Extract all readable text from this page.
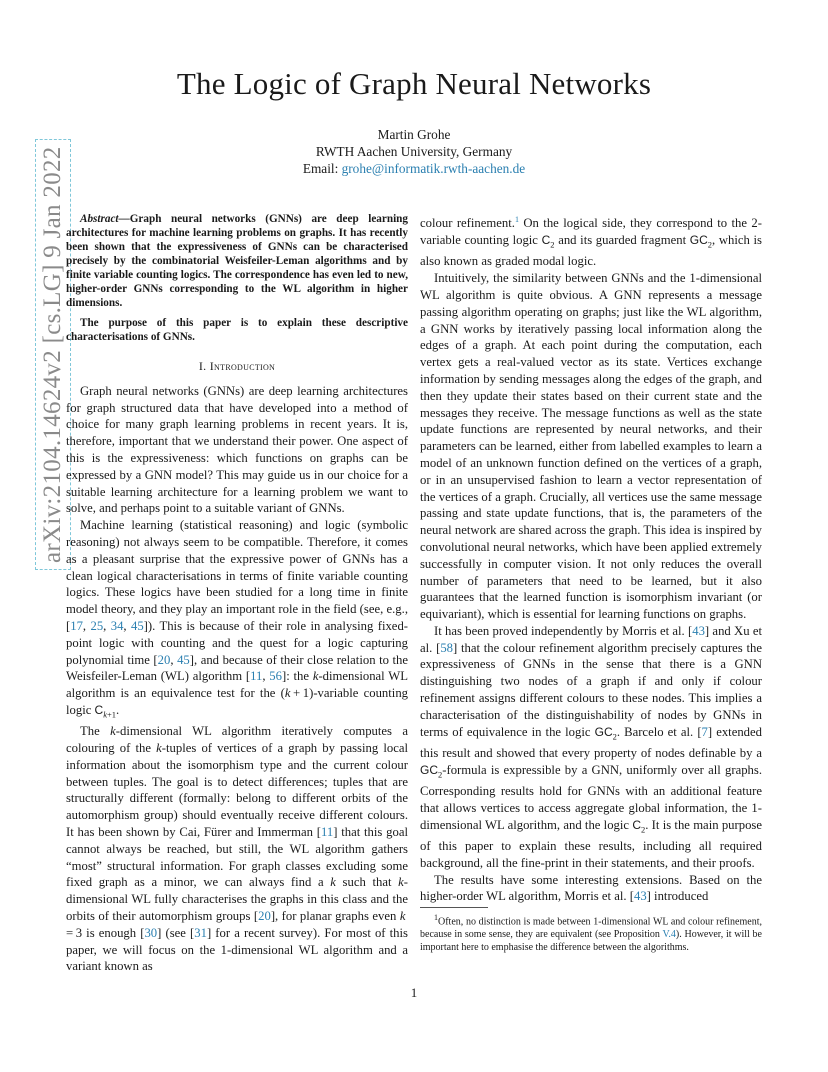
The Logic of Graph Neural Networks
Martin Grohe
RWTH Aachen University, Germany
Email: grohe@informatik.rwth-aachen.de
arXiv:2104.14624v2 [cs.LG] 9 Jan 2022	Abstract—Graph neural networks (GNNs) are deep learning architectures for machine learning problems on graphs. It has recently been shown that the expressiveness of GNNs can be characterised precisely by the combinatorial Weisfeiler-Leman algorithms and by finite variable counting logics. The correspondence has even led to new, higher-order GNNs corresponding to the WL algorithm in higher dimensions.

The purpose of this paper is to explain these descriptive characterisations of GNNs.

I. Introduction

Graph neural networks (GNNs) are deep learning architectures for graph structured data that have developed into a method of choice for many graph learning problems in recent years. It is, therefore, important that we understand their power. One aspect of this is the expressiveness: which functions on graphs can be expressed by a GNN model? This may guide us in our choice for a suitable learning architecture for a learning problem we want to solve, and perhaps point to a suitable variant of GNNs.

Machine learning (statistical reasoning) and logic (symbolic reasoning) not always seem to be compatible. Therefore, it comes as a pleasant surprise that the expressive power of GNNs has a clean logical characterisations in terms of finite variable counting logics. These logics have been studied for a long time in finite model theory, and they play an important role in the field (see, e.g., [17, 25, 34, 45]). This is because of their role in analysing fixed-point logic with counting and the quest for a logic capturing polynomial time [20, 45], and because of their close relation to the Weisfeiler-Leman (WL) algorithm [11, 56]: the k-dimensional WL algorithm is an equivalence test for the (k + 1)-variable counting logic $C_{k+1}$.

The k-dimensional WL algorithm iteratively computes a colouring of the k-tuples of vertices of a graph by passing local information about the isomorphism type and the current colour between tuples. The goal is to detect differences; tuples that are structurally different (formally: belong to different orbits of the automorphism group) should eventually receive different colours. It has been shown by Cai, Fürer and Immerman [11] that this goal cannot always be reached, but still, the WL algorithm gathers “most” structural information. For graph classes excluding some fixed graph as a minor, we can always find a k such that k-dimensional WL fully characterises the graphs in this class and the orbits of their automorphism groups [20], for planar graphs even k = 3 is enough [30] (see [31] for a recent survey). For most of this paper, we will focus on the 1-dimensional WL algorithm and a variant known as

colour refinement.$^1$ On the logical side, they correspond to the 2-variable counting logic $C_2$ and its guarded fragment $GC_2$, which is also known as graded modal logic.

Intuitively, the similarity between GNNs and the 1-dimensional WL algorithm is quite obvious. A GNN represents a message passing algorithm operating on graphs; just like the WL algorithm, a GNN works by iteratively passing local information along the edges of a graph. At each point during the computation, each vertex gets a real-valued vector as its state. Vertices exchange information by sending messages along the edges of the graph, and then they update their states based on their current state and the messages they receive. The message functions as well as the state update functions are represented by neural networks, and their parameters can be learned, either from labelled examples to learn a model of an unknown function defined on the vertices of a graph, or in an unsupervised fashion to learn a vector representation of the vertices of a graph. Crucially, all vertices use the same message passing and state update functions, that is, the parameters of the neural network are shared across the graph. This idea is inspired by convolutional neural networks, which have been applied extremely successfully in computer vision. It not only reduces the overall number of parameters that need to be learned, but it also guarantees that the learned function is isomorphism invariant (or equivariant), which is essential for learning functions on graphs.

It has been proved independently by Morris et al. [43] and Xu et al. [58] that the colour refinement algorithm precisely captures the expressiveness of GNNs in the sense that there is a GNN distinguishing two nodes of a graph if and only if colour refinement assigns different colours to these nodes. This implies a characterisation of the distinguishability of nodes by GNNs in terms of equivalence in the logic $GC_2$. Barcelo et al. [7] extended this result and showed that every property of nodes definable by a $GC_2$-formula is expressible by a GNN, uniformly over all graphs. Corresponding results hold for GNNs with an additional feature that allows vertices to access aggregate global information, the 1-dimensional WL algorithm, and the logic $C_2$. It is the main purpose of this paper to explain these results, including all required background, all the fine-print in their statements, and their proofs.

The results have some interesting extensions. Based on the higher-order WL algorithm, Morris et al. [43] introduced

$^1$Often, no distinction is made between 1-dimensional WL and colour refinement, because in some sense, they are equivalent (see Proposition V.4). However, it will be important here to emphasise the difference between the algorithms.

1
